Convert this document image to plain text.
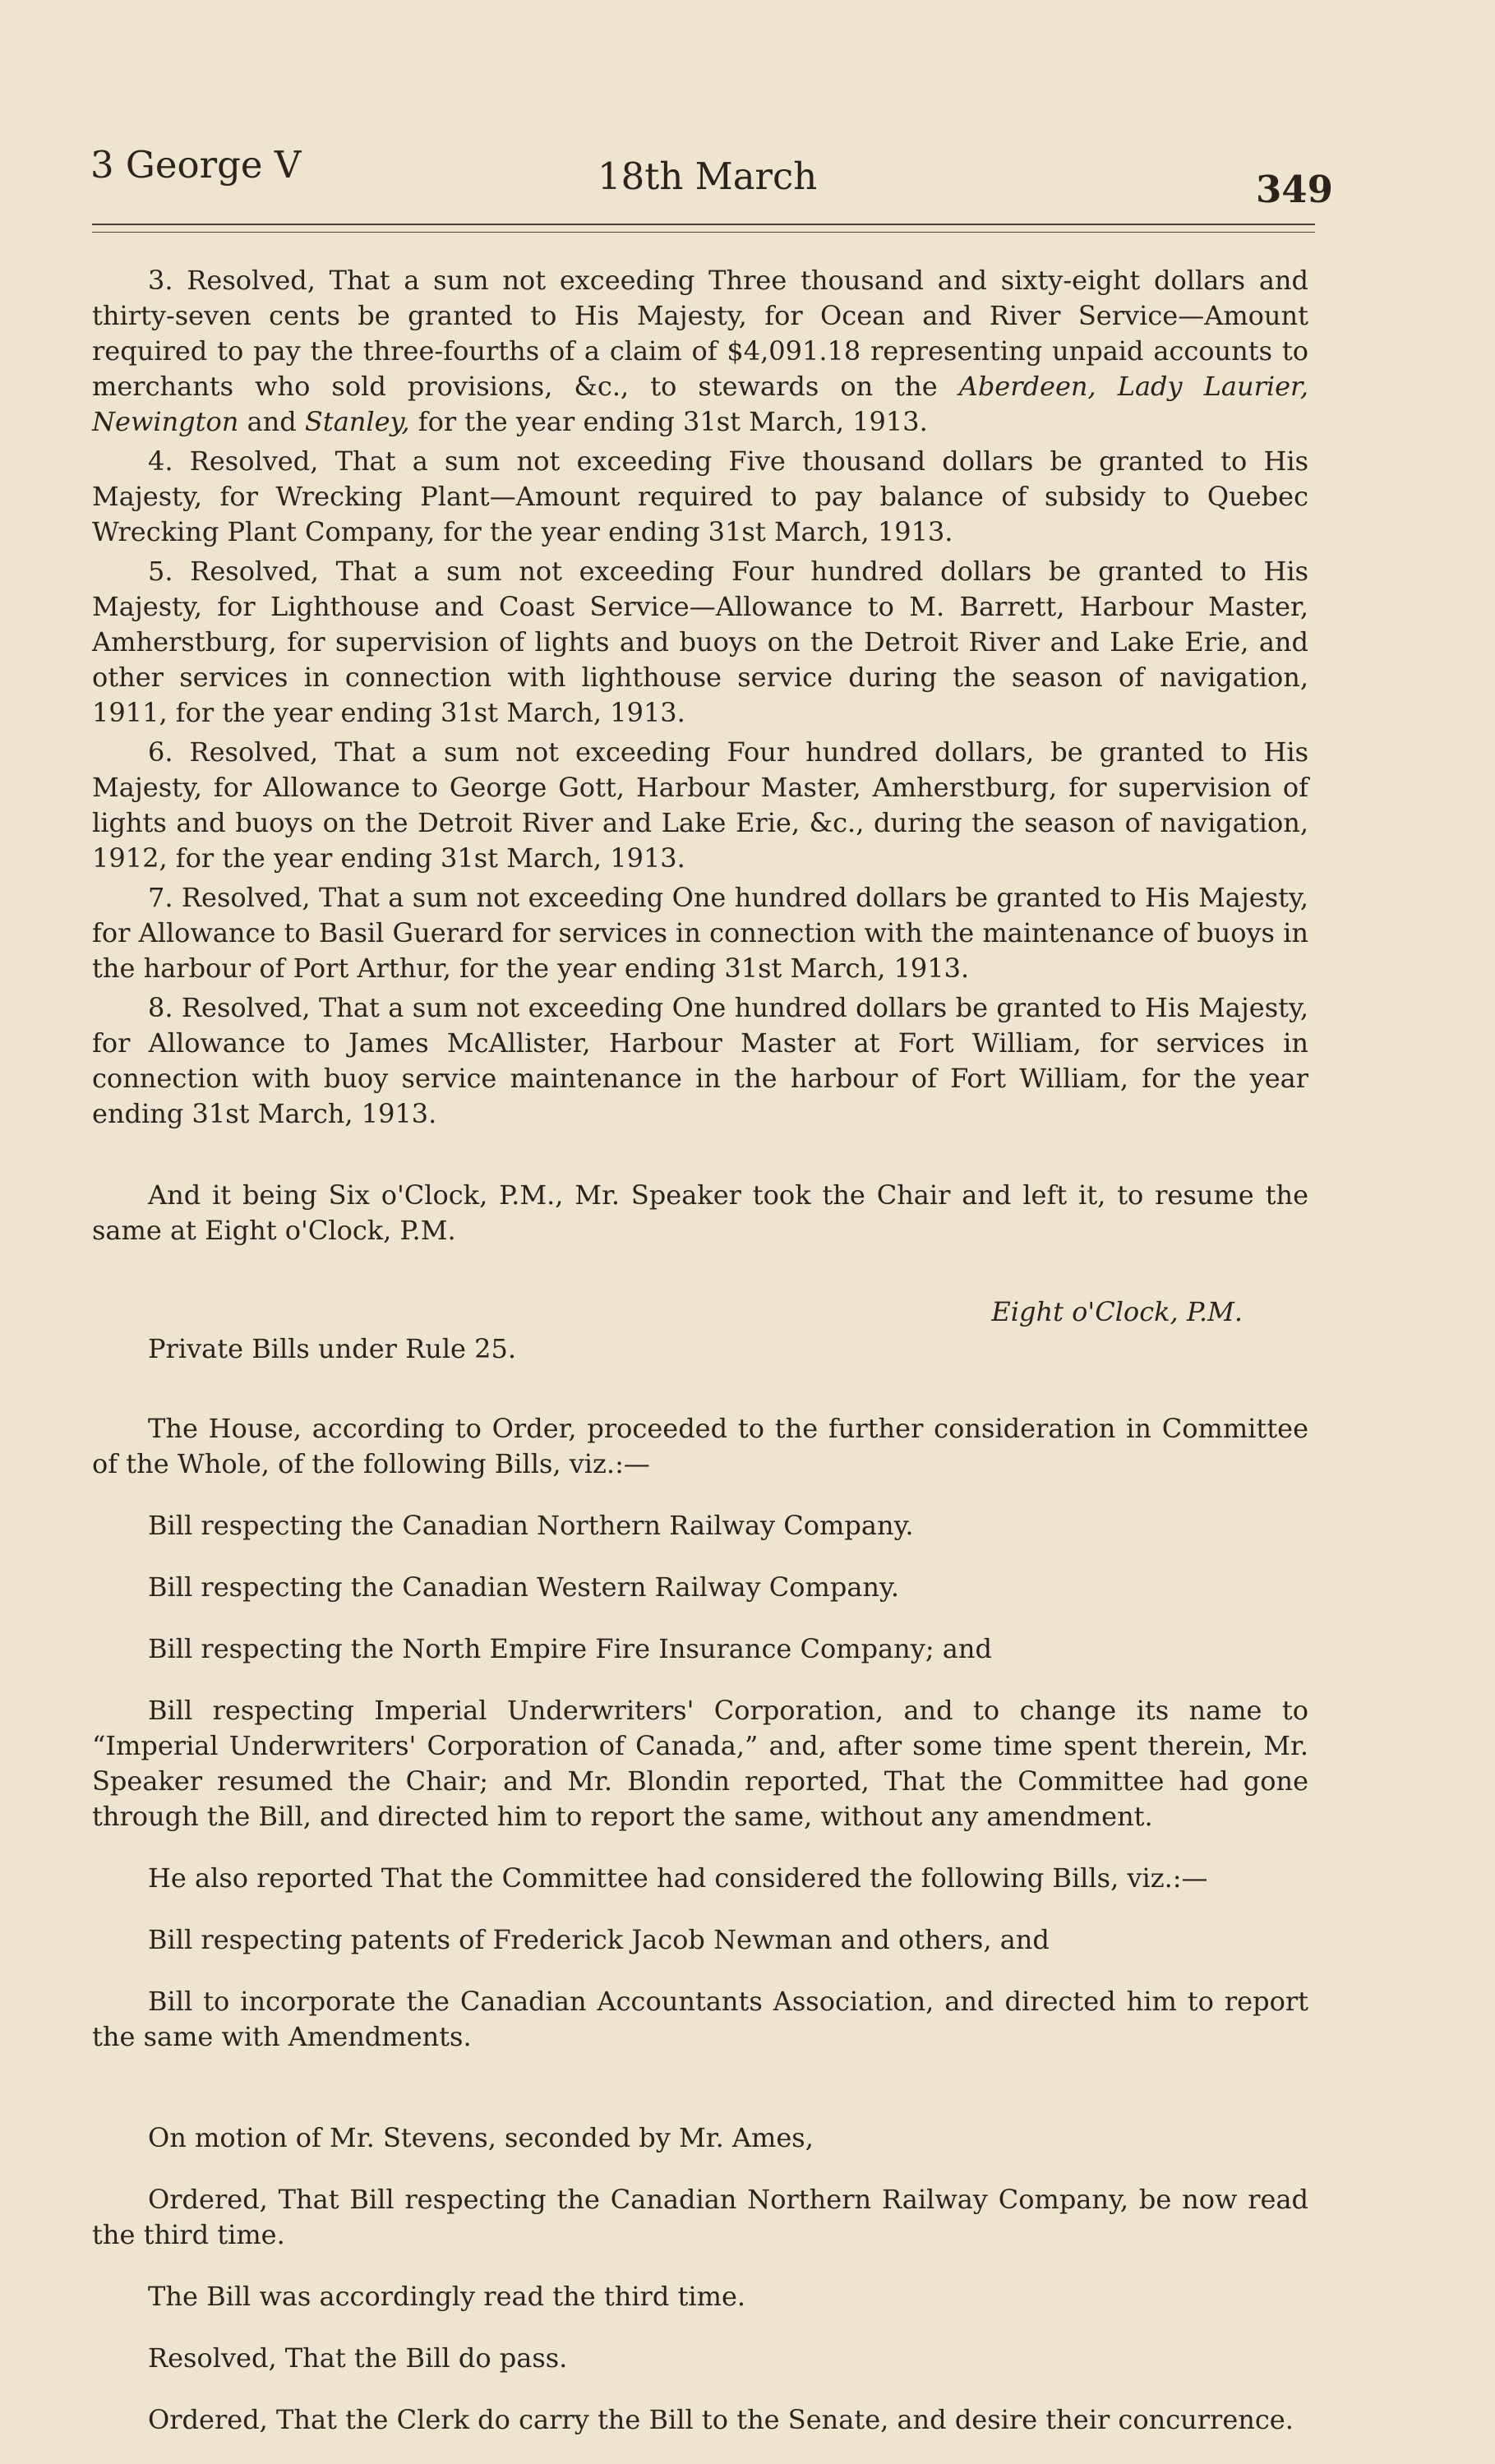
3 George V	18th March	349

3. Resolved, That a sum not exceeding Three thousand and sixty-eight dollars and thirty-seven cents be granted to His Majesty, for Ocean and River Service—Amount required to pay the three-fourths of a claim of $4,091.18 representing unpaid accounts to merchants who sold provisions, &c., to stewards on the Aberdeen, Lady Laurier, Newington and Stanley, for the year ending 31st March, 1913.

4. Resolved, That a sum not exceeding Five thousand dollars be granted to His Majesty, for Wrecking Plant—Amount required to pay balance of subsidy to Quebec Wrecking Plant Company, for the year ending 31st March, 1913.

5. Resolved, That a sum not exceeding Four hundred dollars be granted to His Majesty, for Lighthouse and Coast Service—Allowance to M. Barrett, Harbour Master, Amherstburg, for supervision of lights and buoys on the Detroit River and Lake Erie, and other services in connection with lighthouse service during the season of navigation, 1911, for the year ending 31st March, 1913.

6. Resolved, That a sum not exceeding Four hundred dollars, be granted to His Majesty, for Allowance to George Gott, Harbour Master, Amherstburg, for supervision of lights and buoys on the Detroit River and Lake Erie, &c., during the season of navigation, 1912, for the year ending 31st March, 1913.

7. Resolved, That a sum not exceeding One hundred dollars be granted to His Majesty, for Allowance to Basil Guerard for services in connection with the maintenance of buoys in the harbour of Port Arthur, for the year ending 31st March, 1913.

8. Resolved, That a sum not exceeding One hundred dollars be granted to His Majesty, for Allowance to James McAllister, Harbour Master at Fort William, for services in connection with buoy service maintenance in the harbour of Fort William, for the year ending 31st March, 1913.

And it being Six o'Clock, P.M., Mr. Speaker took the Chair and left it, to resume the same at Eight o'Clock, P.M.

Private Bills under Rule 25.
Eight o'Clock, P.M.

The House, according to Order, proceeded to the further consideration in Committee of the Whole, of the following Bills, viz.:—

Bill respecting the Canadian Northern Railway Company.

Bill respecting the Canadian Western Railway Company.

Bill respecting the North Empire Fire Insurance Company; and

Bill respecting Imperial Underwriters' Corporation, and to change its name to “Imperial Underwriters' Corporation of Canada,” and, after some time spent therein, Mr. Speaker resumed the Chair; and Mr. Blondin reported, That the Committee had gone through the Bill, and directed him to report the same, without any amendment.

He also reported That the Committee had considered the following Bills, viz.:—

Bill respecting patents of Frederick Jacob Newman and others, and

Bill to incorporate the Canadian Accountants Association, and directed him to report the same with Amendments.

On motion of Mr. Stevens, seconded by Mr. Ames,

Ordered, That Bill respecting the Canadian Northern Railway Company, be now read the third time.

The Bill was accordingly read the third time.

Resolved, That the Bill do pass.

Ordered, That the Clerk do carry the Bill to the Senate, and desire their concurrence.
